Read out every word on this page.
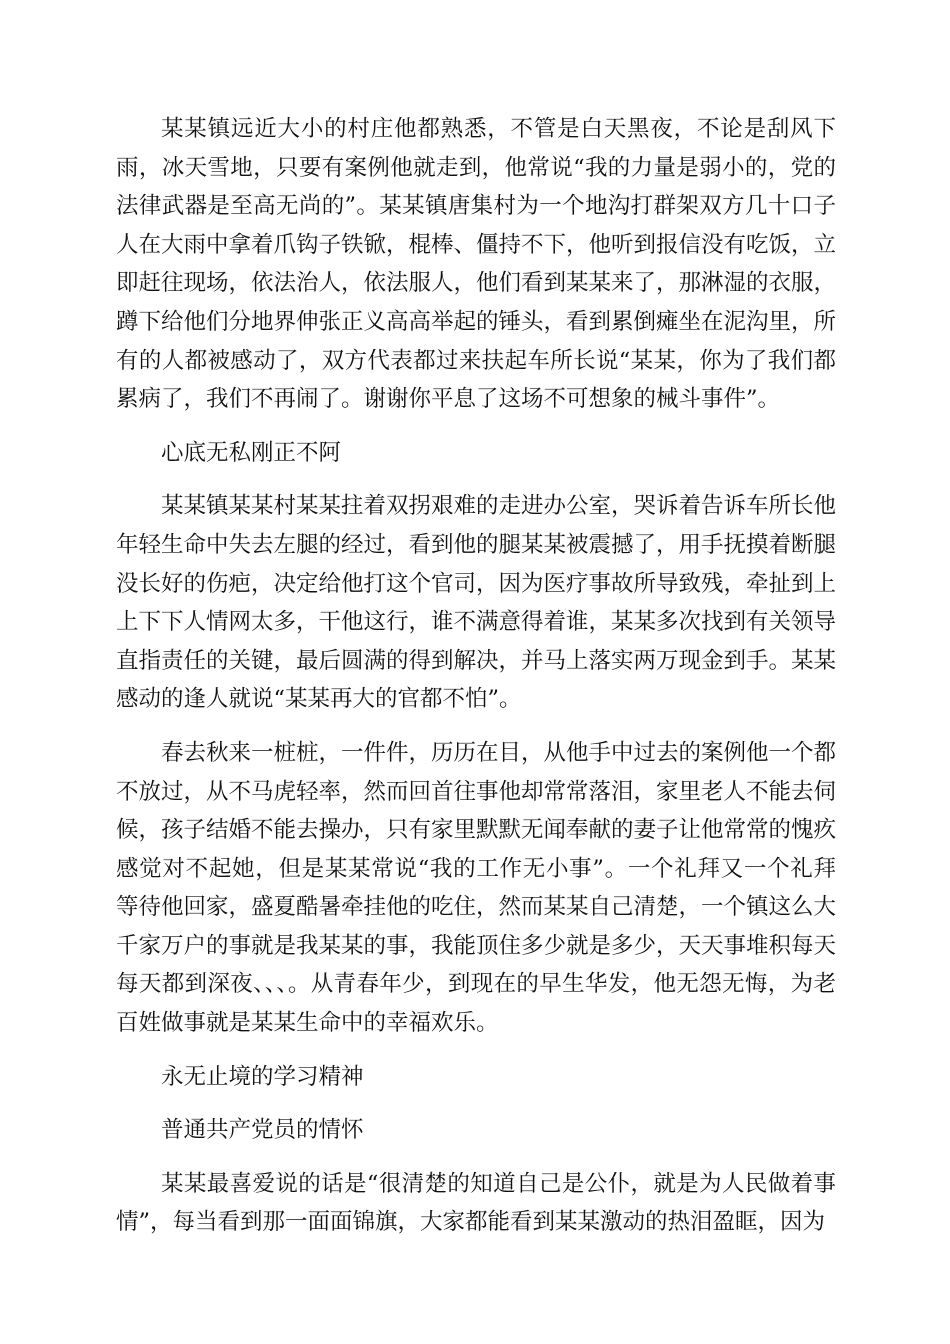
某某镇远近大小的村庄他都熟悉，不管是白天黑夜，不论是刮风下雨，冰天雪地，只要有案例他就走到，他常说“我的力量是弱小的，党的法律武器是至高无尚的”。某某镇唐集村为一个地沟打群架双方几十口子人在大雨中拿着爪钩子铁锨，棍棒、僵持不下，他听到报信没有吃饭，立即赶往现场，依法治人，依法服人，他们看到某某来了，那淋湿的衣服，蹲下给他们分地界伸张正义高高举起的锤头，看到累倒瘫坐在泥沟里，所有的人都被感动了，双方代表都过来扶起车所长说“某某，你为了我们都累病了，我们不再闹了。谢谢你平息了这场不可想象的械斗事件”。

心底无私刚正不阿

某某镇某某村某某拄着双拐艰难的走进办公室，哭诉着告诉车所长他年轻生命中失去左腿的经过，看到他的腿某某被震撼了，用手抚摸着断腿没长好的伤疤，决定给他打这个官司，因为医疗事故所导致残，牵扯到上上下下人情网太多，干他这行，谁不满意得着谁，某某多次找到有关领导直指责任的关键，最后圆满的得到解决，并马上落实两万现金到手。某某感动的逢人就说“某某再大的官都不怕”。

春去秋来一桩桩，一件件，历历在目，从他手中过去的案例他一个都不放过，从不马虎轻率，然而回首往事他却常常落泪，家里老人不能去伺候，孩子结婚不能去操办，只有家里默默无闻奉献的妻子让他常常的愧疚感觉对不起她，但是某某常说“我的工作无小事”。一个礼拜又一个礼拜等待他回家，盛夏酷暑牵挂他的吃住，然而某某自己清楚，一个镇这么大千家万户的事就是我某某的事，我能顶住多少就是多少，天天事堆积每天每天都到深夜、、、。从青春年少，到现在的早生华发，他无怨无悔，为老百姓做事就是某某生命中的幸福欢乐。

永无止境的学习精神

普通共产党员的情怀

某某最喜爱说的话是“很清楚的知道自己是公仆，就是为人民做着事情”，每当看到那一面面锦旗，大家都能看到某某激动的热泪盈眶，因为
